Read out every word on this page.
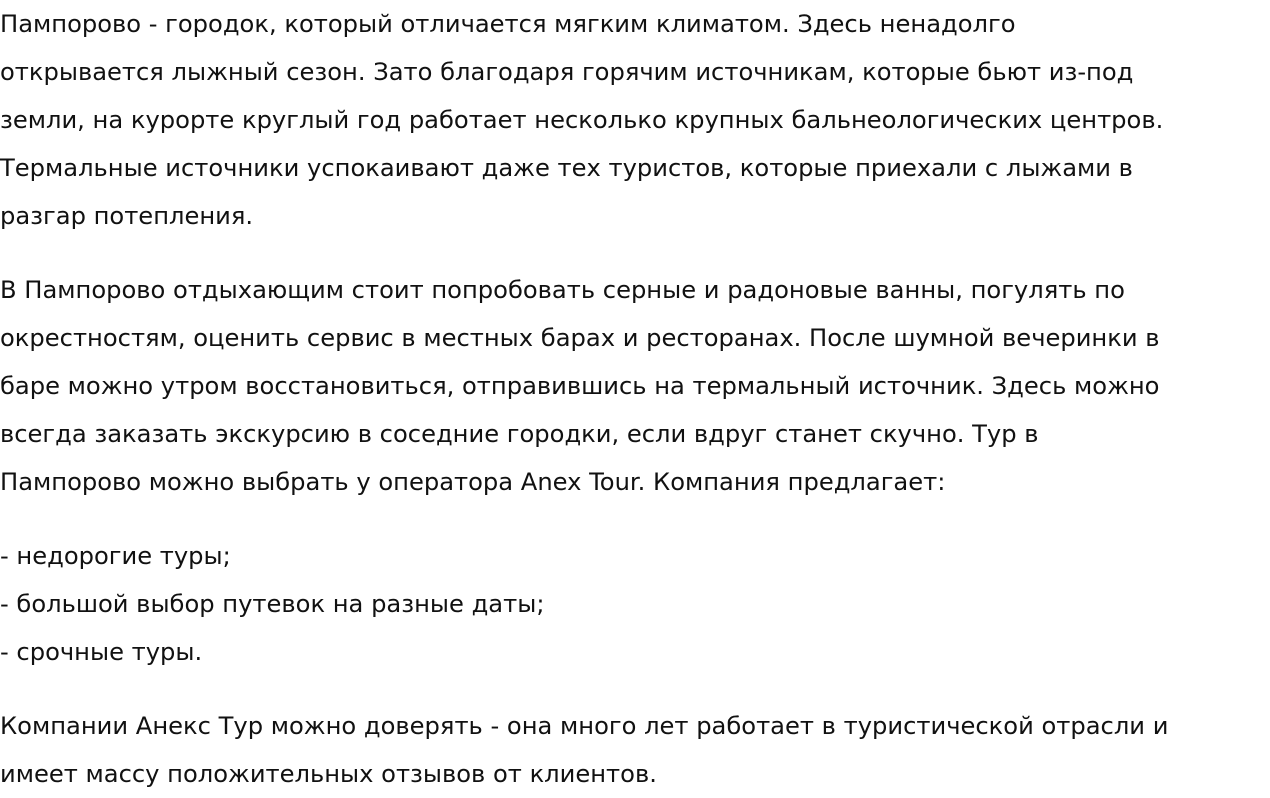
Пампорово - городок, который отличается мягким климатом. Здесь ненадолго
открывается лыжный сезон. Зато благодаря горячим источникам, которые бьют из-под
земли, на курорте круглый год работает несколько крупных бальнеологических центров.
Термальные источники успокаивают даже тех туристов, которые приехали с лыжами в
разгар потепления.

В Пампорово отдыхающим стоит попробовать серные и радоновые ванны, погулять по
окрестностям, оценить сервис в местных барах и ресторанах. После шумной вечеринки в
баре можно утром восстановиться, отправившись на термальный источник. Здесь можно
всегда заказать экскурсию в соседние городки, если вдруг станет скучно. Тур в
Пампорово можно выбрать у оператора Anex Tour. Компания предлагает:

- недорогие туры;
- большой выбор путевок на разные даты;
- срочные туры.

Компании Анекс Тур можно доверять - она много лет работает в туристической отрасли и
имеет массу положительных отзывов от клиентов.
